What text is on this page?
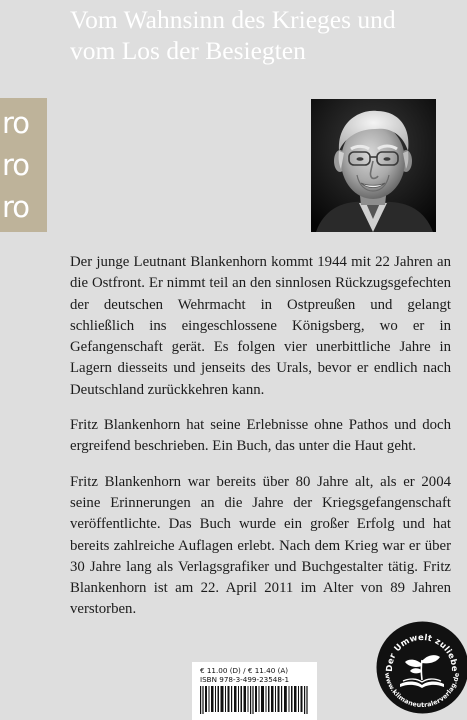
Vom Wahnsinn des Krieges und
vom Los der Besiegten
ro
ro
ro

Der junge Leutnant Blankenhorn kommt 1944 mit 22 Jahren an die Ostfront. Er nimmt teil an den sinnlosen Rückzugsgefechten der deutschen Wehrmacht in Ostpreußen und gelangt schließlich ins eingeschlossene Königsberg, wo er in Gefangenschaft gerät. Es folgen vier unerbittliche Jahre in Lagern diesseits und jenseits des Urals, bevor er endlich nach Deutschland zurückkehren kann.

Fritz Blankenhorn hat seine Erlebnisse ohne Pathos und doch ergreifend beschrieben. Ein Buch, das unter die Haut geht.

Fritz Blankenhorn war bereits über 80 Jahre alt, als er 2004 seine Erinnerungen an die Jahre der Kriegsgefangenschaft veröffentlichte. Das Buch wurde ein großer Erfolg und hat bereits zahlreiche Auflagen erlebt. Nach dem Krieg war er über 30 Jahre lang als Verlagsgrafiker und Buchgestalter tätig. Fritz Blankenhorn ist am 22. April 2011 im Alter von 89 Jahren verstorben.

€ 11.00 (D) / € 11.40 (A)
ISBN 978-3-499-23548-1
Der Umwelt zuliebe
www.klimaneutralerverlag.de
